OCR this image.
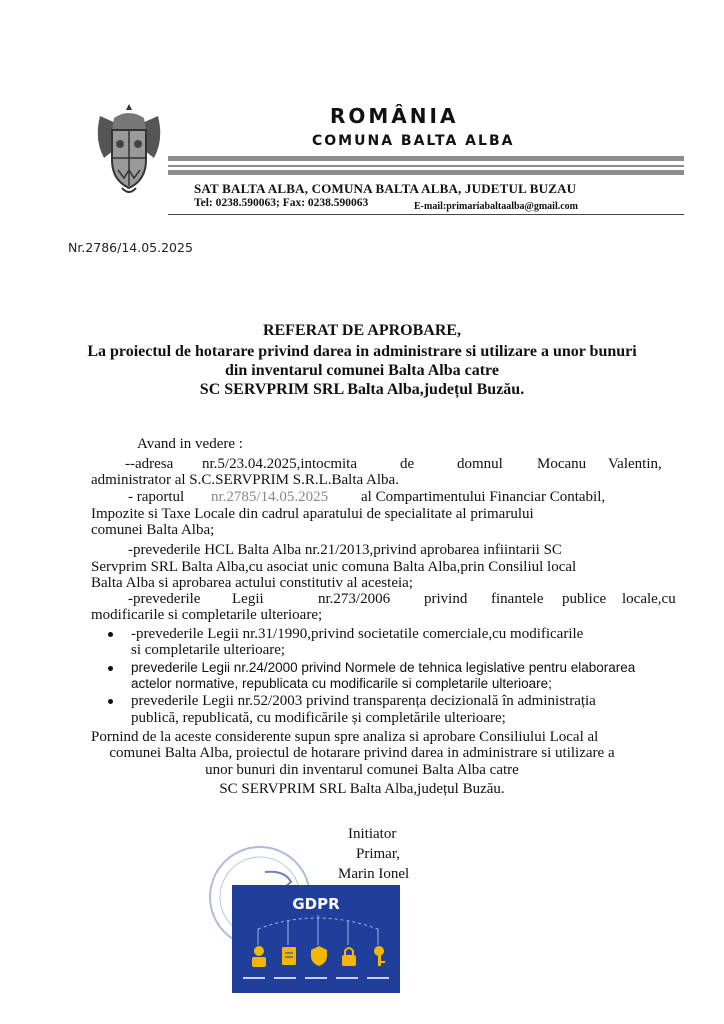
ROMÂNIA
COMUNA BALTA ALBA
SAT BALTA ALBA, COMUNA BALTA ALBA, JUDETUL BUZAU
Tel: 0238.590063; Fax: 0238.590063	E-mail:primariabaltaalba@gmail.com
Nr.2786/14.05.2025
REFERAT DE APROBARE,
La proiectul de hotarare privind darea in administrare si utilizare a unor bunuri
din inventarul comunei Balta Alba catre
SC SERVPRIM SRL Balta Alba,județul Buzău.
Avand in vedere :
--adresa nr.5/23.04.2025,intocmita	de	domnul Mocanu Valentin,
administrator al S.C.SERVPRIM S.R.L.Balta Alba.
- raportul nr.2785/14.05.2025 al Compartimentului Financiar Contabil,
Impozite si Taxe Locale din cadrul aparatului de specialitate al primarului
comunei Balta Alba;
-prevederile HCL Balta Alba nr.21/2013,privind aprobarea infiintarii SC
Servprim SRL Balta Alba,cu asociat unic comuna Balta Alba,prin Consiliul local
Balta Alba si aprobarea actului constitutiv al acesteia;
-prevederile Legii	nr.273/2006 privind finantele publice locale,cu
modificarile si completarile ulterioare;
-prevederile Legii nr.31/1990,privind societatile comerciale,cu modificarile
si completarile ulterioare;
prevederile Legii nr.24/2000 privind Normele de tehnica legislative pentru elaborarea
actelor normative, republicata cu modificarile si completarile ulterioare;
prevederile Legii nr.52/2003 privind transparența decizională în administrația
publică, republicată, cu modificările și completările ulterioare;
Pornind de la aceste considerente supun spre analiza si aprobare Consiliului Local al
comunei Balta Alba, proiectul de hotarare privind darea in administrare si utilizare a
unor bunuri din inventarul comunei Balta Alba catre
SC SERVPRIM SRL Balta Alba,județul Buzău.
Initiator
Primar,
Marin Ionel
GDPR
